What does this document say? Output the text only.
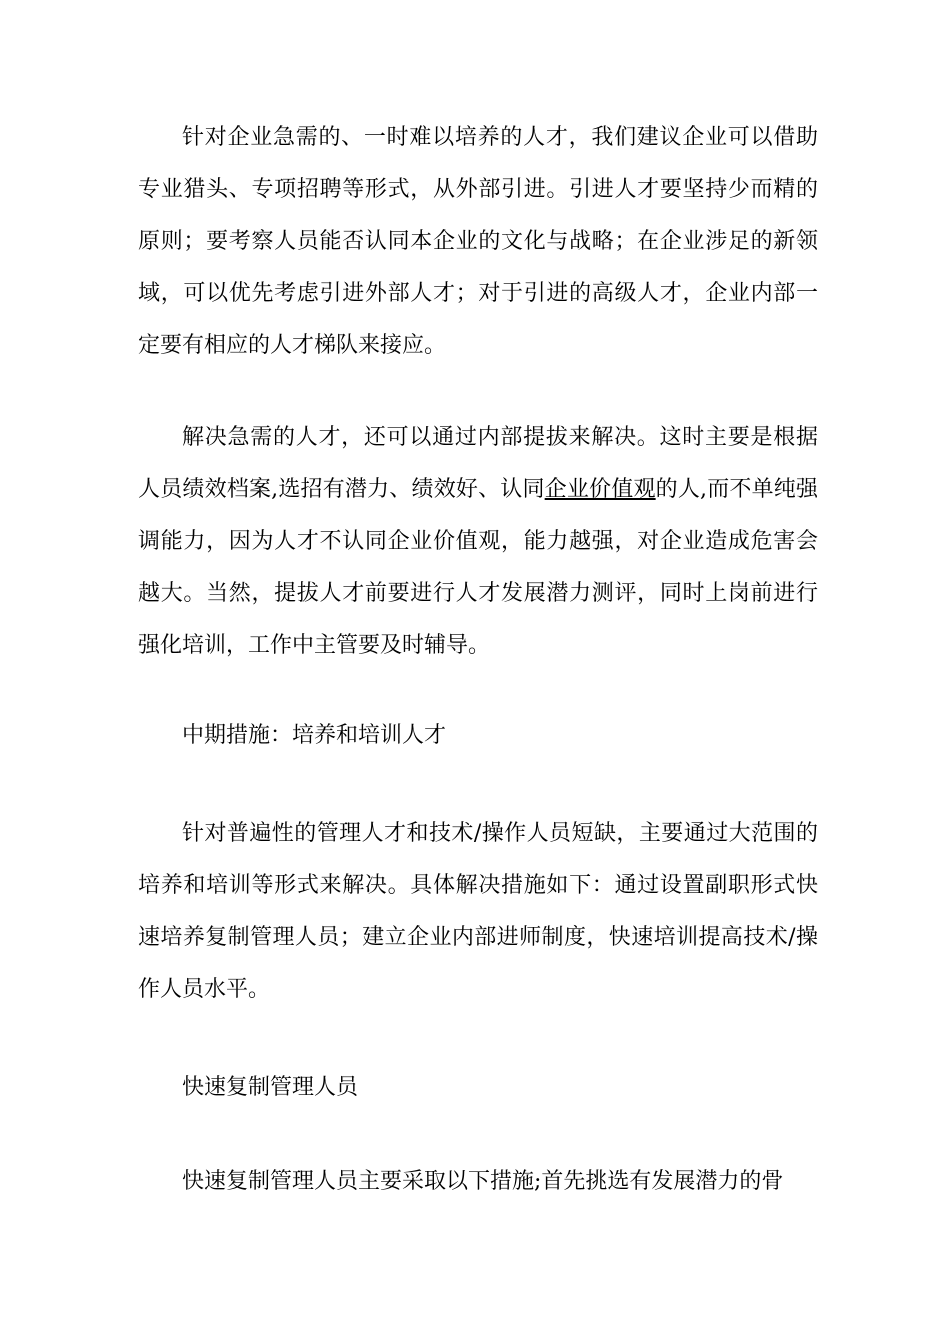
针对企业急需的、一时难以培养的人才，我们建议企业可以借助专业猎头、专项招聘等形式，从外部引进。引进人才要坚持少而精的原则；要考察人员能否认同本企业的文化与战略；在企业涉足的新领域，可以优先考虑引进外部人才；对于引进的高级人才，企业内部一定要有相应的人才梯队来接应。

解决急需的人才，还可以通过内部提拔来解决。这时主要是根据人员绩效档案,选招有潜力、绩效好、认同企业价值观的人,而不单纯强调能力，因为人才不认同企业价值观，能力越强，对企业造成危害会越大。当然，提拔人才前要进行人才发展潜力测评，同时上岗前进行强化培训，工作中主管要及时辅导。

中期措施：培养和培训人才

针对普遍性的管理人才和技术/操作人员短缺，主要通过大范围的培养和培训等形式来解决。具体解决措施如下：通过设置副职形式快速培养复制管理人员；建立企业内部进师制度，快速培训提高技术/操作人员水平。

快速复制管理人员

快速复制管理人员主要采取以下措施;首先挑选有发展潜力的骨
